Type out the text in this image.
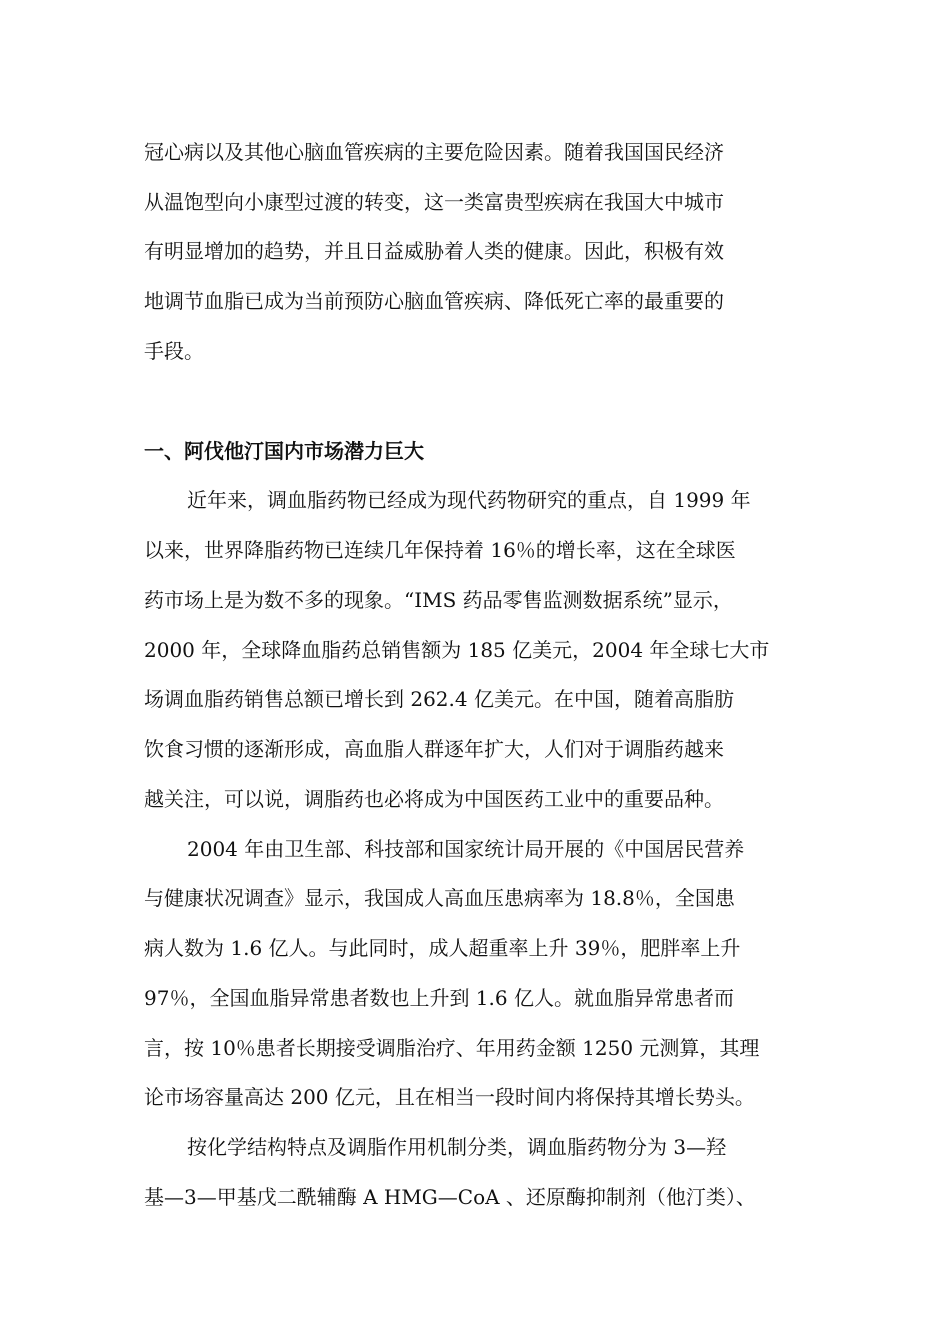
冠心病以及其他心脑血管疾病的主要危险因素。随着我国国民经济
从温饱型向小康型过渡的转变，这一类富贵型疾病在我国大中城市
有明显增加的趋势，并且日益威胁着人类的健康。因此，积极有效
地调节血脂已成为当前预防心脑血管疾病、降低死亡率的最重要的
手段。
一、阿伐他汀国内市场潜力巨大
近年来，调血脂药物已经成为现代药物研究的重点，自 1999 年
以来，世界降脂药物已连续几年保持着 16％的增长率，这在全球医
药市场上是为数不多的现象。“IMS 药品零售监测数据系统”显示，
2000 年，全球降血脂药总销售额为 185 亿美元，2004 年全球七大市
场调血脂药销售总额已增长到 262.4 亿美元。在中国，随着高脂肪
饮食习惯的逐渐形成，高血脂人群逐年扩大，人们对于调脂药越来
越关注，可以说，调脂药也必将成为中国医药工业中的重要品种。
2004 年由卫生部、科技部和国家统计局开展的《中国居民营养
与健康状况调查》显示，我国成人高血压患病率为 18.8％，全国患
病人数为 1.6 亿人。与此同时，成人超重率上升 39％，肥胖率上升
97％，全国血脂异常患者数也上升到 1.6 亿人。就血脂异常患者而
言，按 10％患者长期接受调脂治疗、年用药金额 1250 元测算，其理
论市场容量高达 200 亿元，且在相当一段时间内将保持其增长势头。
按化学结构特点及调脂作用机制分类，调血脂药物分为 3—羟
基—3—甲基戊二酰辅酶 A HMG—CoA 、还原酶抑制剂（他汀类）、
